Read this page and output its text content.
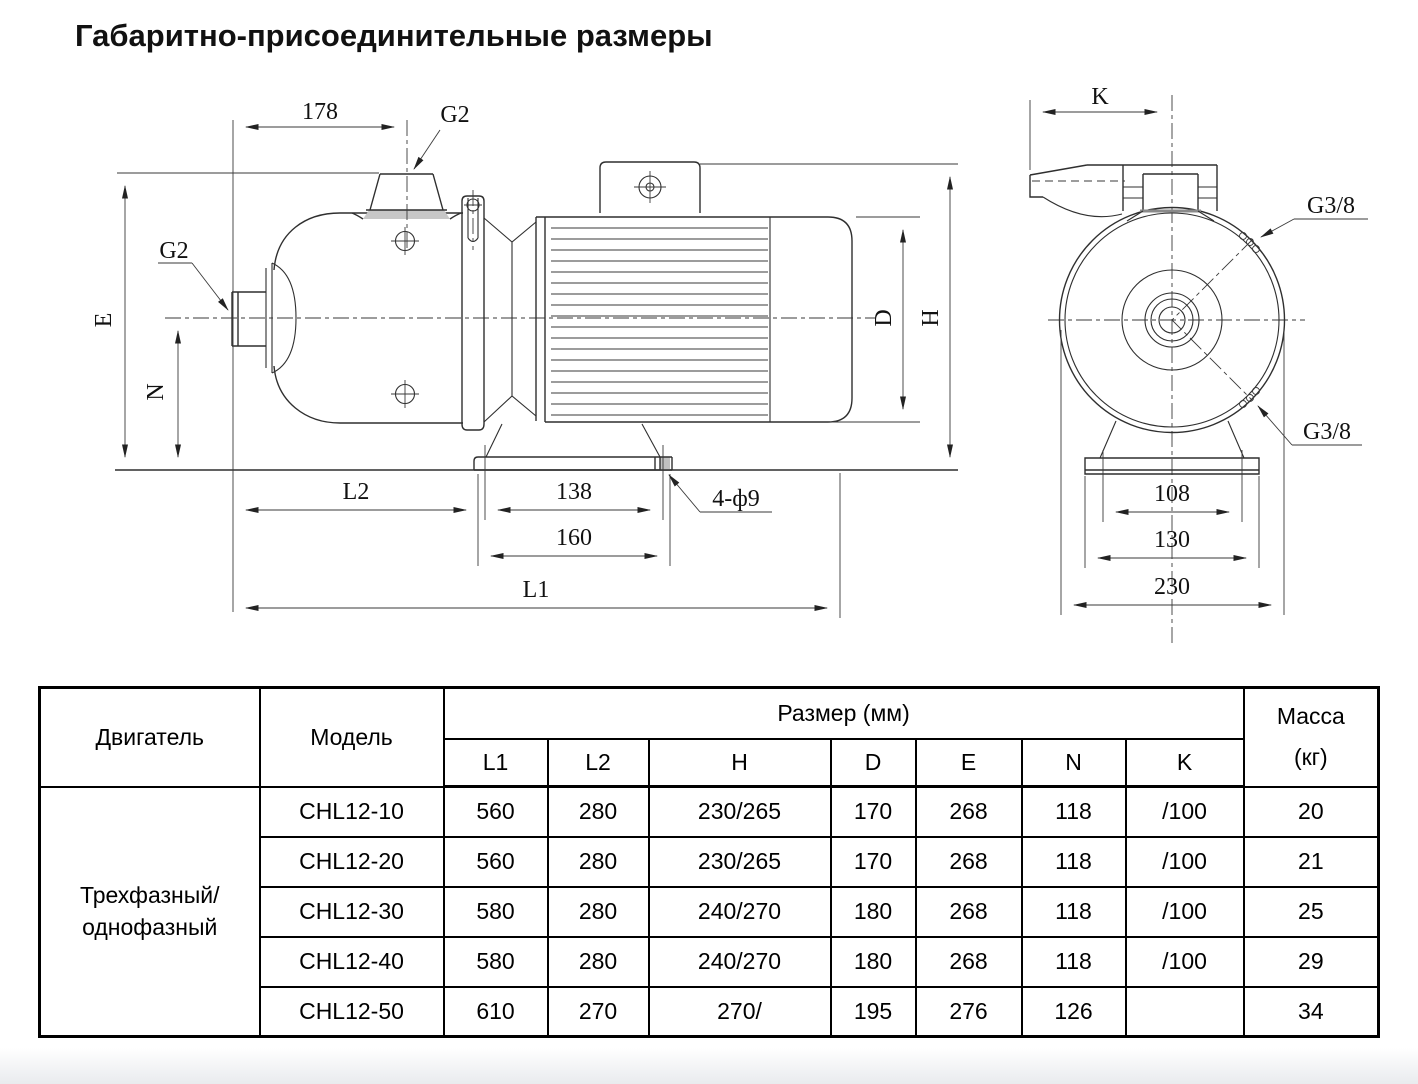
Габаритно-присоединительные размеры
178	G2
G2
E
N
D H
L2	138
160
L1
4-ф9
K
G3/8
G3/8
108
130
230
Двигатель	Модель	Размер (мм)							Масса
(кг)

		L1	L2	H	D	E	N	K	

Трехфазный/
однофазный	CHL12-10	560	280	230/265	170	268	118	/100	20
	CHL12-20	560	280	230/265	170	268	118	/100	21
	CHL12-30	580	280	240/270	180	268	118	/100	25
	CHL12-40	580	280	240/270	180	268	118	/100	29
	CHL12-50	610	270	270/	195	276	126		34
